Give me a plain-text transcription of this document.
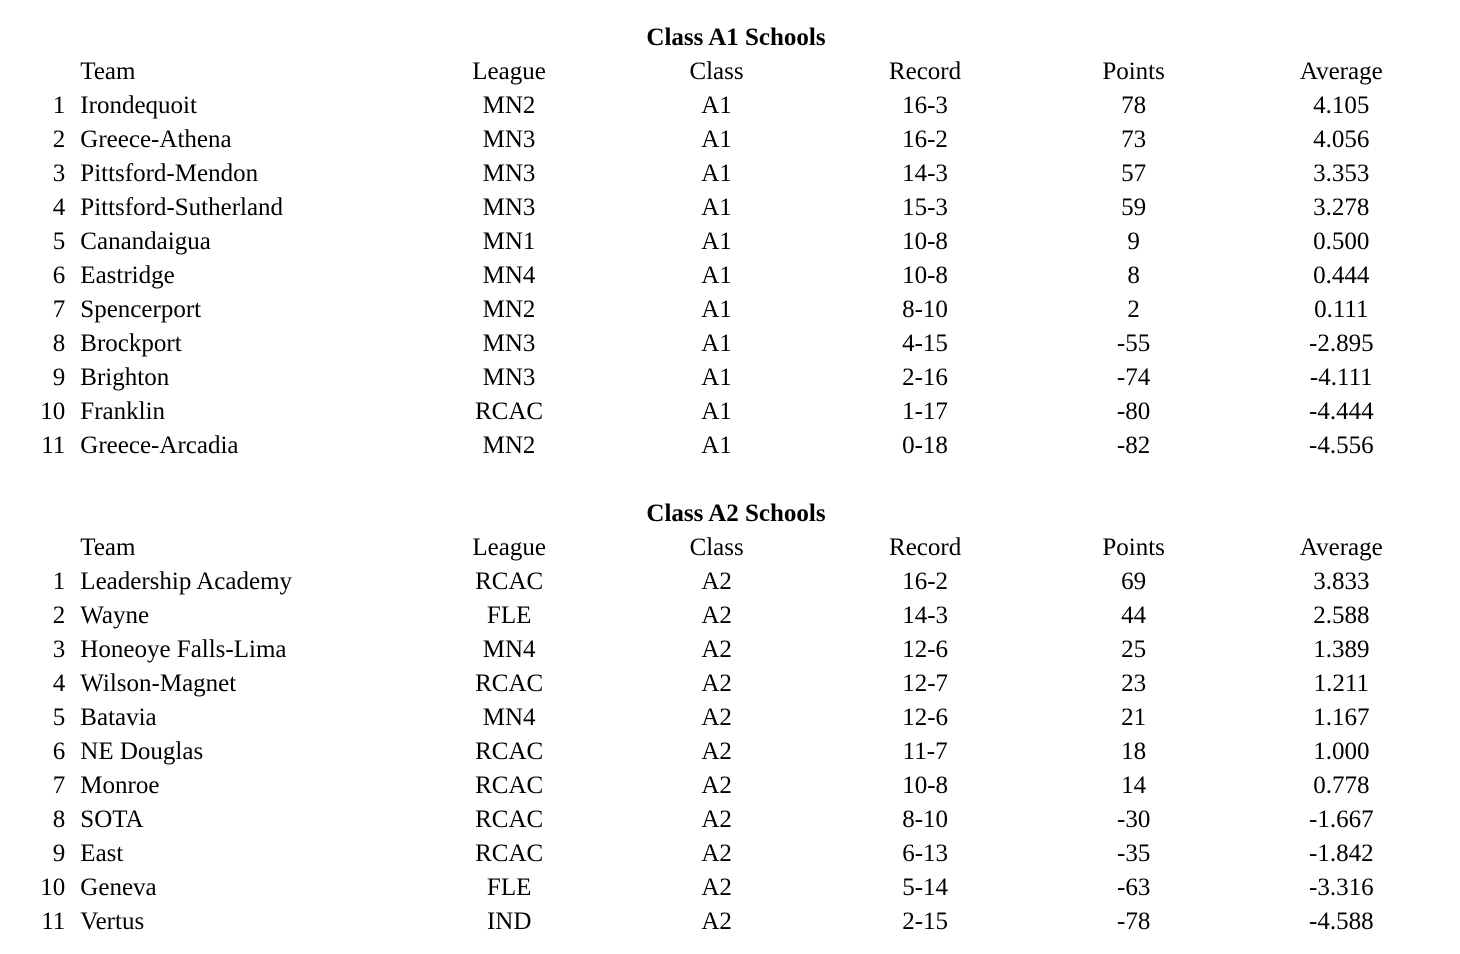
Class A1 Schools
	Team	League	Class	Record	Points	Average
1	Irondequoit	MN2	A1	16-3	78	4.105
2	Greece-Athena	MN3	A1	16-2	73	4.056
3	Pittsford-Mendon	MN3	A1	14-3	57	3.353
4	Pittsford-Sutherland	MN3	A1	15-3	59	3.278
5	Canandaigua	MN1	A1	10-8	9	0.500
6	Eastridge	MN4	A1	10-8	8	0.444
7	Spencerport	MN2	A1	8-10	2	0.111
8	Brockport	MN3	A1	4-15	-55	-2.895
9	Brighton	MN3	A1	2-16	-74	-4.111
10	Franklin	RCAC	A1	1-17	-80	-4.444
11	Greece-Arcadia	MN2	A1	0-18	-82	-4.556
Class A2 Schools
	Team	League	Class	Record	Points	Average
1	Leadership Academy	RCAC	A2	16-2	69	3.833
2	Wayne	FLE	A2	14-3	44	2.588
3	Honeoye Falls-Lima	MN4	A2	12-6	25	1.389
4	Wilson-Magnet	RCAC	A2	12-7	23	1.211
5	Batavia	MN4	A2	12-6	21	1.167
6	NE Douglas	RCAC	A2	11-7	18	1.000
7	Monroe	RCAC	A2	10-8	14	0.778
8	SOTA	RCAC	A2	8-10	-30	-1.667
9	East	RCAC	A2	6-13	-35	-1.842
10	Geneva	FLE	A2	5-14	-63	-3.316
11	Vertus	IND	A2	2-15	-78	-4.588
